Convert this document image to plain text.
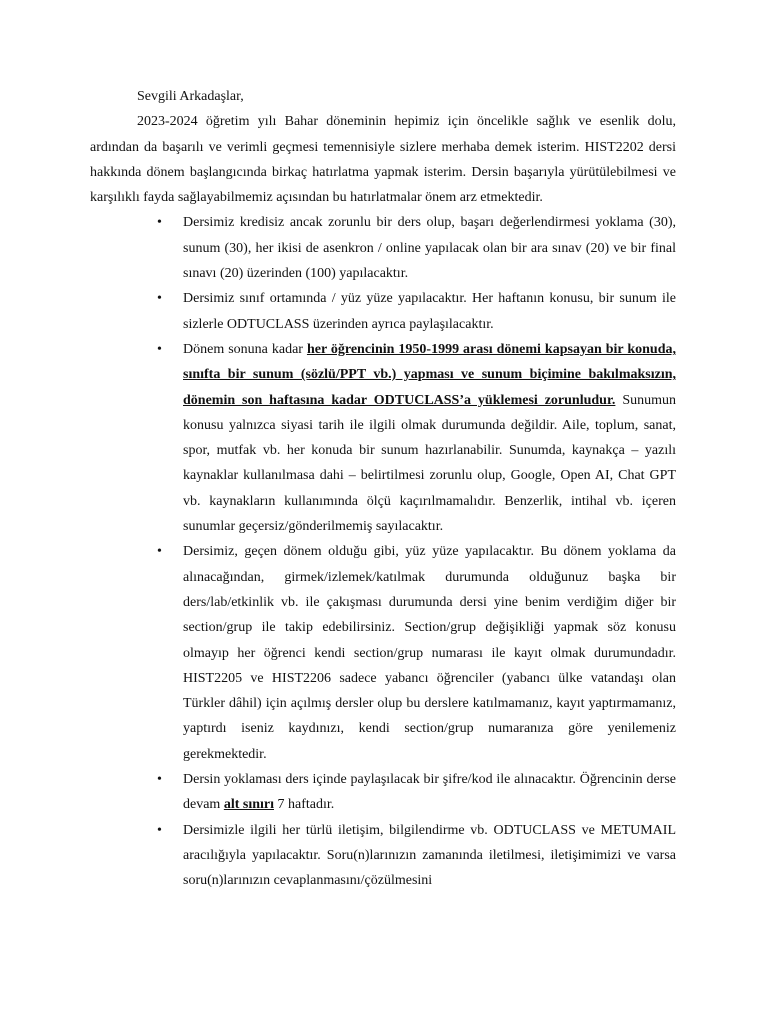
Sevgili Arkadaşlar,

2023-2024 öğretim yılı Bahar döneminin hepimiz için öncelikle sağlık ve esenlik dolu, ardından da başarılı ve verimli geçmesi temennisiyle sizlere merhaba demek isterim. HIST2202 dersi hakkında dönem başlangıcında birkaç hatırlatma yapmak isterim. Dersin başarıyla yürütülebilmesi ve karşılıklı fayda sağlayabilmemiz açısından bu hatırlatmalar önem arz etmektedir.

• Dersimiz kredisiz ancak zorunlu bir ders olup, başarı değerlendirmesi yoklama (30), sunum (30), her ikisi de asenkron / online yapılacak olan bir ara sınav (20) ve bir final sınavı (20) üzerinden (100) yapılacaktır.
• Dersimiz sınıf ortamında / yüz yüze yapılacaktır. Her haftanın konusu, bir sunum ile sizlerle ODTUCLASS üzerinden ayrıca paylaşılacaktır.
• Dönem sonuna kadar her öğrencinin 1950-1999 arası dönemi kapsayan bir konuda, sınıfta bir sunum (sözlü/PPT vb.) yapması ve sunum biçimine bakılmaksızın, dönemin son haftasına kadar ODTUCLASS’a yüklemesi zorunludur. Sunumun konusu yalnızca siyasi tarih ile ilgili olmak durumunda değildir. Aile, toplum, sanat, spor, mutfak vb. her konuda bir sunum hazırlanabilir. Sunumda, kaynakça – yazılı kaynaklar kullanılmasa dahi – belirtilmesi zorunlu olup, Google, Open AI, Chat GPT vb. kaynakların kullanımında ölçü kaçırılmamalıdır. Benzerlik, intihal vb. içeren sunumlar geçersiz/gönderilmemiş sayılacaktır.
• Dersimiz, geçen dönem olduğu gibi, yüz yüze yapılacaktır. Bu dönem yoklama da alınacağından, girmek/izlemek/katılmak durumunda olduğunuz başka bir ders/lab/etkinlik vb. ile çakışması durumunda dersi yine benim verdiğim diğer bir section/grup ile takip edebilirsiniz. Section/grup değişikliği yapmak söz konusu olmayıp her öğrenci kendi section/grup numarası ile kayıt olmak durumundadır. HIST2205 ve HIST2206 sadece yabancı öğrenciler (yabancı ülke vatandaşı olan Türkler dâhil) için açılmış dersler olup bu derslere katılmamanız, kayıt yaptırmamanız, yaptırdı iseniz kaydınızı, kendi section/grup numaranıza göre yenilemeniz gerekmektedir.
• Dersin yoklaması ders içinde paylaşılacak bir şifre/kod ile alınacaktır. Öğrencinin derse devam alt sınırı 7 haftadır.
• Dersimizle ilgili her türlü iletişim, bilgilendirme vb. ODTUCLASS ve METUMAIL aracılığıyla yapılacaktır. Soru(n)larınızın zamanında iletilmesi, iletişimimizi ve varsa soru(n)larınızın cevaplanmasını/çözülmesini
